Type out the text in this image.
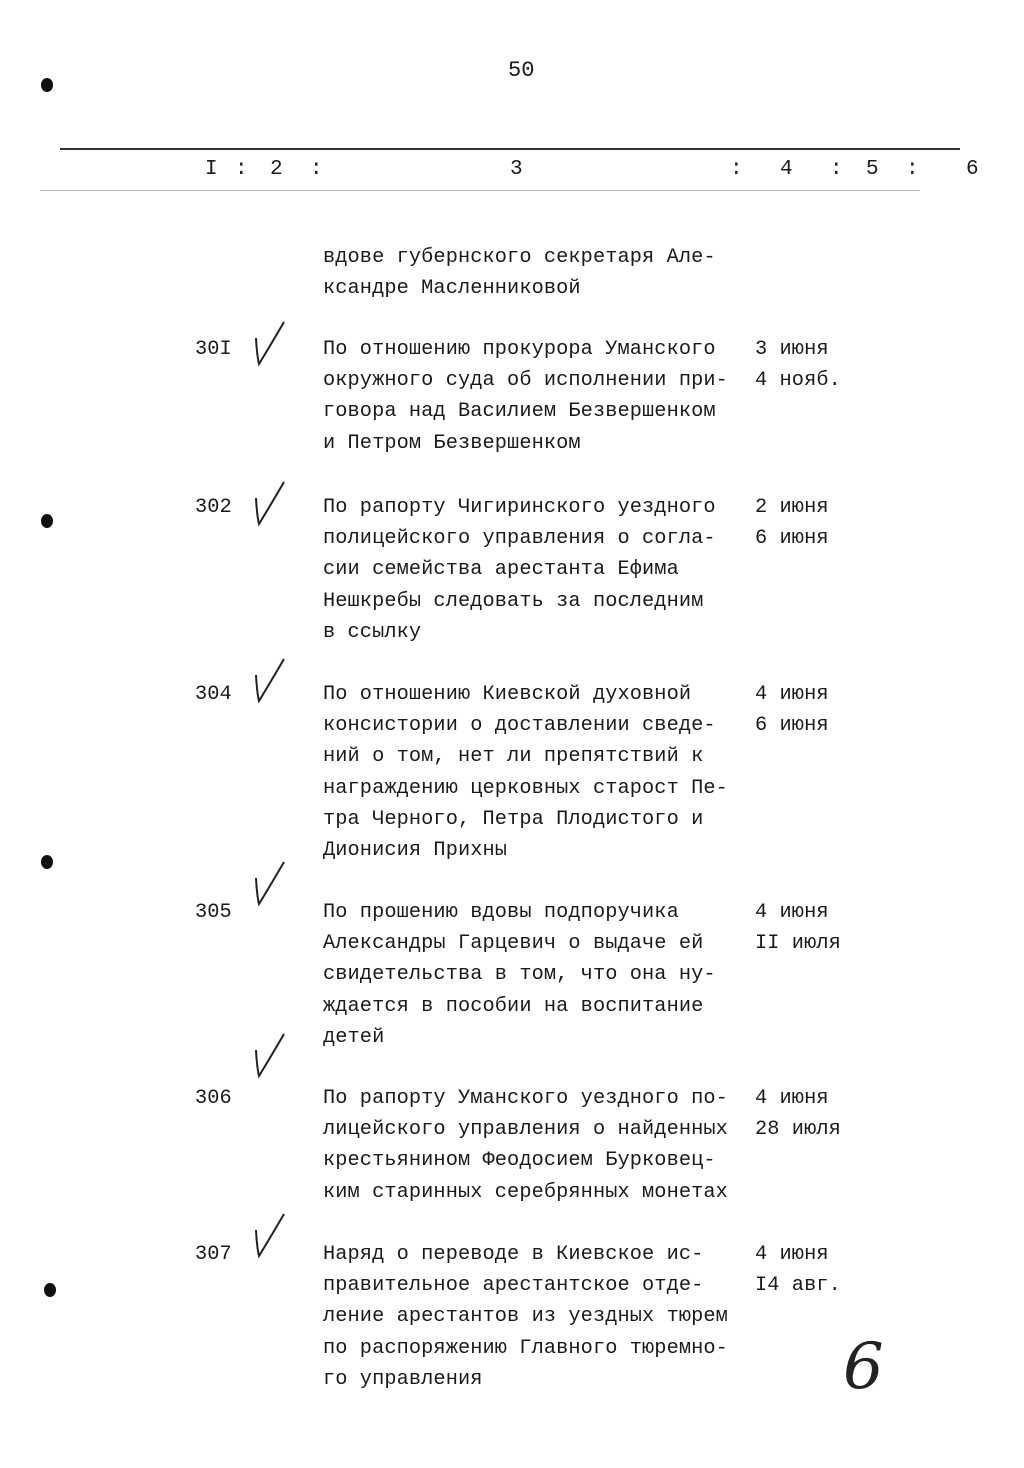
50
I : 2 :	3	: 4 : 5 : 6
вдове губернского секретаря Але-
ксандре Масленниковой
30I	По отношению прокурора Уманского
окружного суда об исполнении при-
говора над Василием Безвершенком
и Петром Безвершенком
3 июня
4 нояб.
302	По рапорту Чигиринского уездного
полицейского управления о согла-
сии семейства арестанта Ефима
Нешкребы следовать за последним
в ссылку
2 июня
6 июня
304	По отношению Киевской духовной
консистории о доставлении сведе-
ний о том, нет ли препятствий к
награждению церковных старост Пе-
тра Черного, Петра Плодистого и
Дионисия Прихны
4 июня
6 июня
305	По прошению вдовы подпоручика
Александры Гарцевич о выдаче ей
свидетельства в том, что она ну-
ждается в пособии на воспитание
детей
4 июня
II июля
306	По рапорту Уманского уездного по-
лицейского управления о найденных
крестьянином Феодосием Бурковец-
ким старинных серебрянных монетах
4 июня
28 июля
307	Наряд о переводе в Киевское ис-
правительное арестантское отде-
ление арестантов из уездных тюрем
по распоряжению Главного тюремно-
го управления
4 июня
I4 авг.
6
